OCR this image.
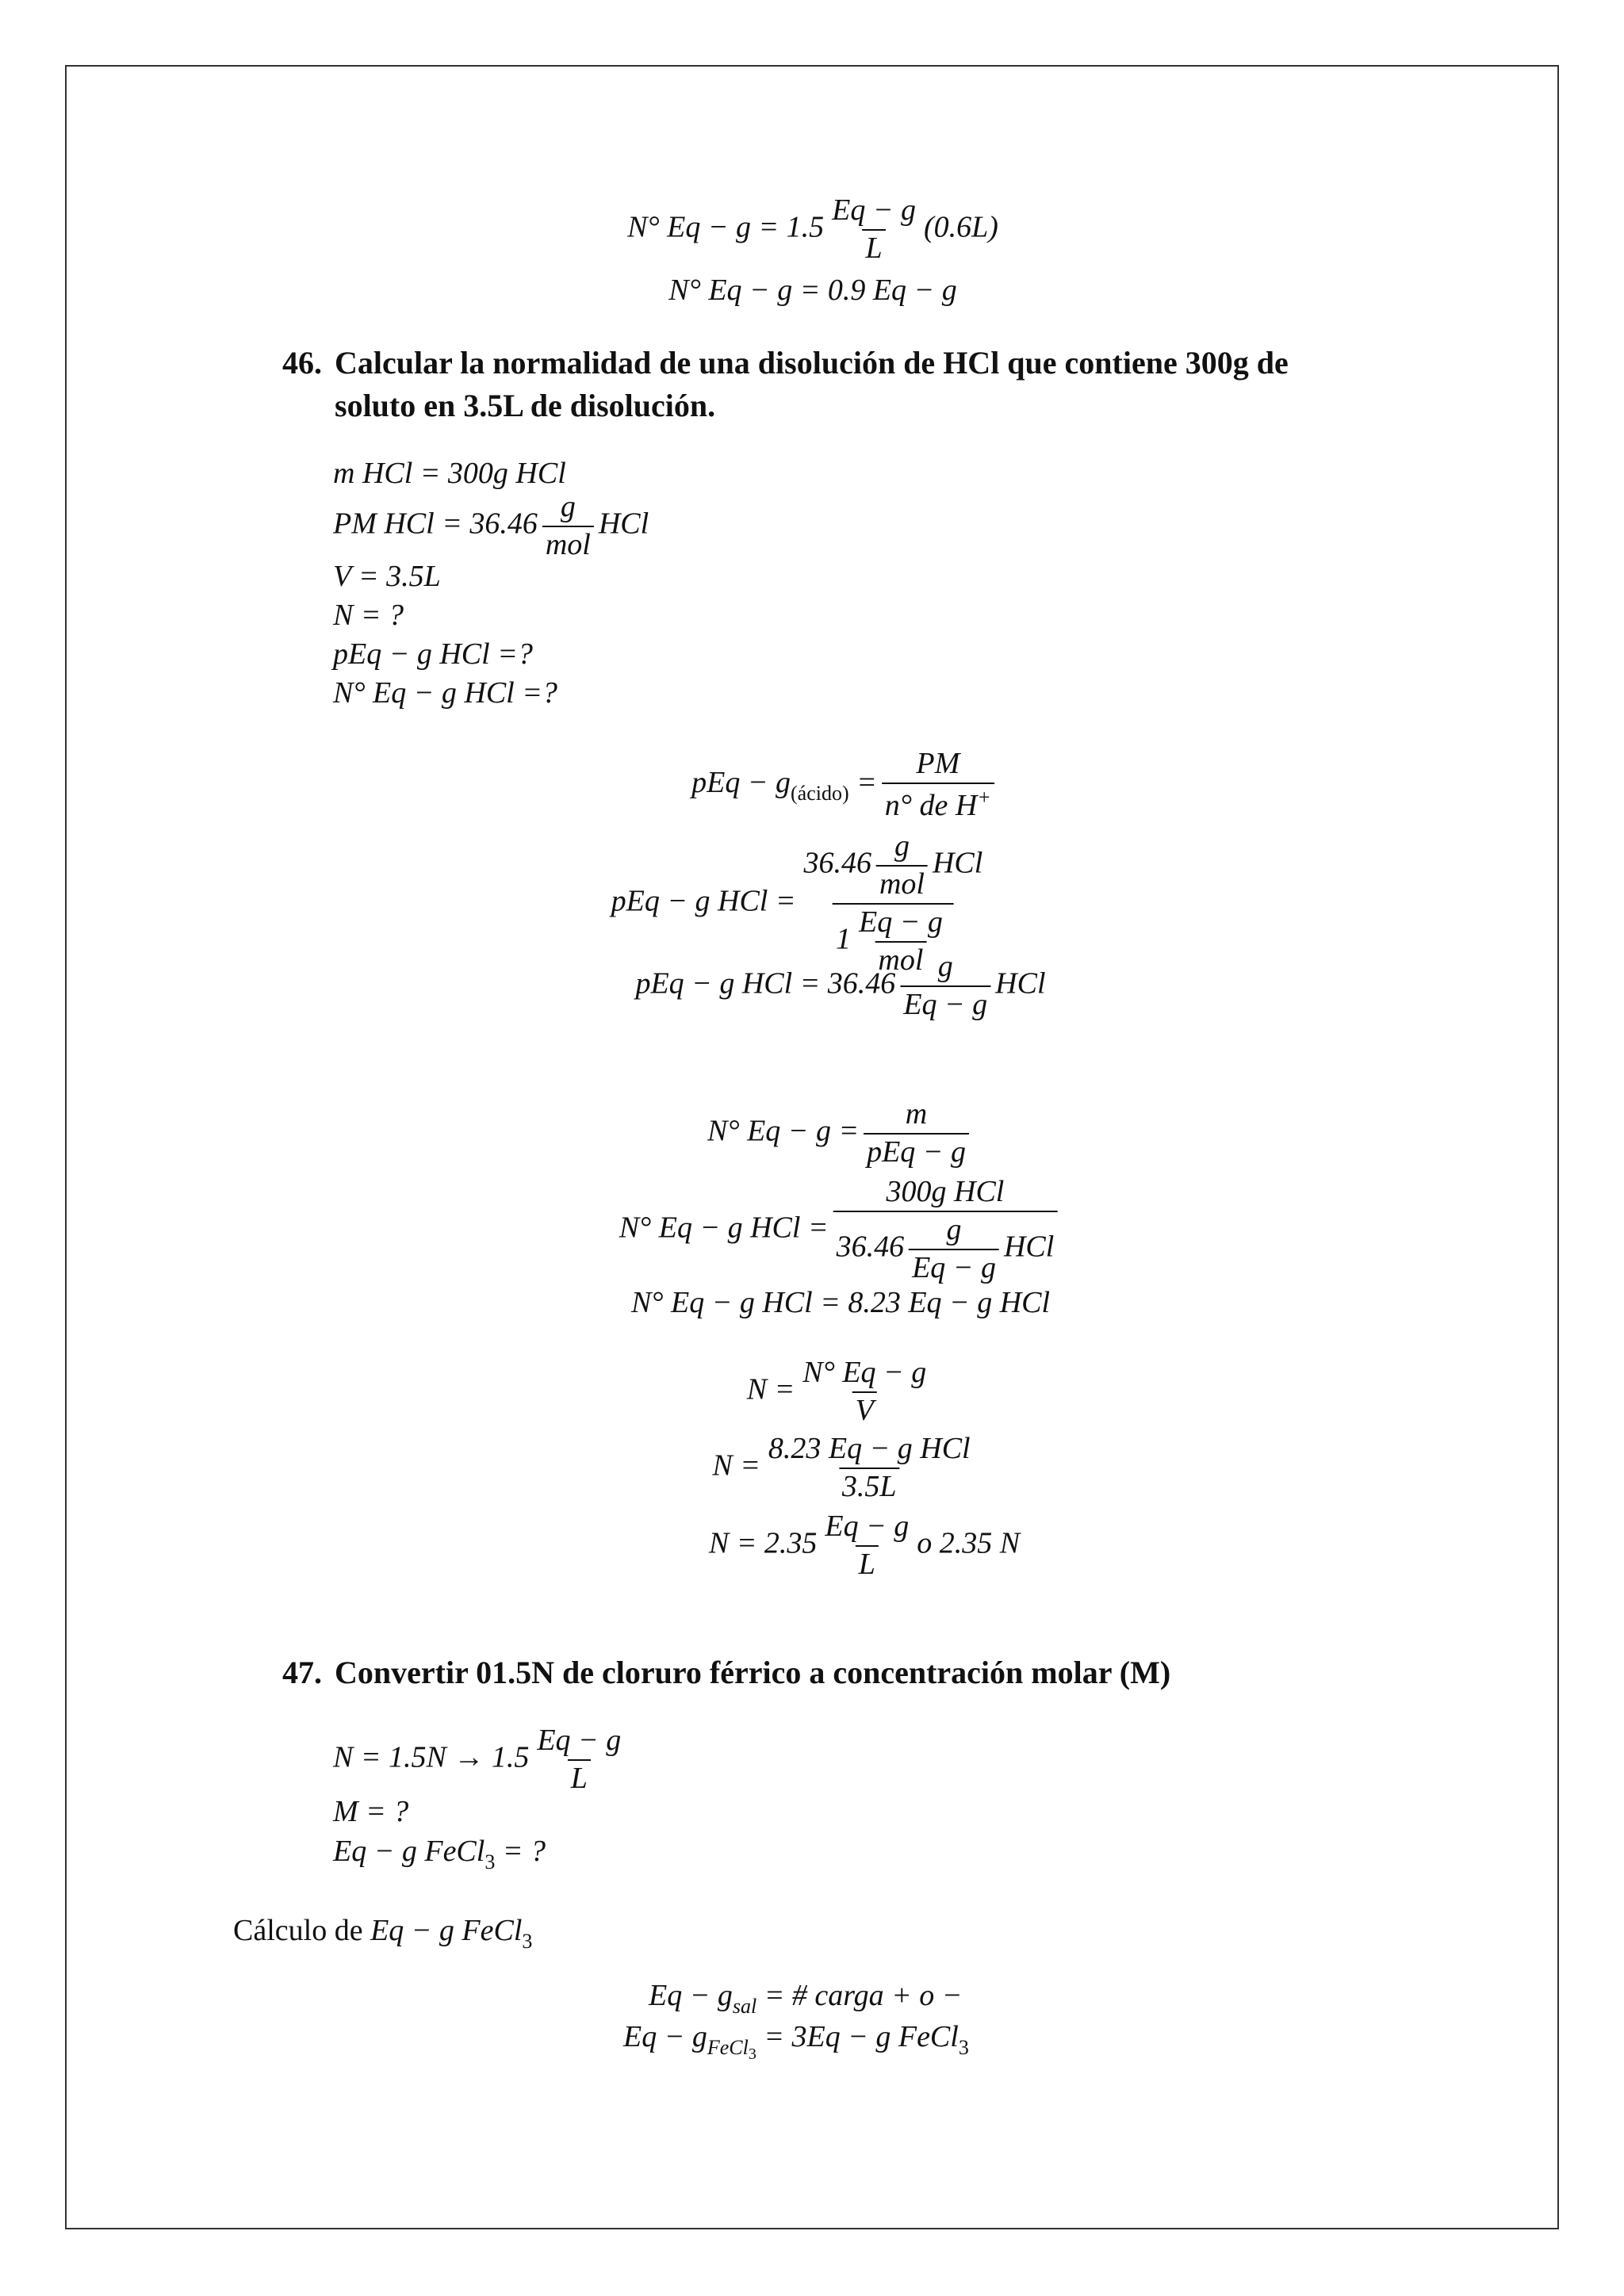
N° $Eq - g = 1.5 \frac{Eq - g}{L} (0.6L)$
N° Eq − g = 0.9 Eq − g
46. Calcular la normalidad de una disolución de HCl que contiene 300g de
soluto en 3.5L de disolución.
m HCl = 300g HCl
PM HCl = $36.46 \frac{g}{\text{mol}}$ HCl
V = 3.5L
N = ?
pEq − g HCl =?
N° Eq − g HCl =?
pEq − $g_{(ácido)} = \frac{PM}{n^\circ de H^+}$
pEq − g HCl = $\frac{36.46 \frac{g}{\text{mol}} HCl}{1 \frac{Eq - g}{\text{mol}}}$
pEq − g HCl = $36.46 \frac{g}{Eq - g}$ HCl
N° $Eq - g = \frac{m}{\text{pEq − g}}$
N° Eq − g HCl = $\frac{\text{300g HCl}}{36.46 \frac{g}{Eq - g} HCl}$
N° Eq − g HCl = 8.23 Eq − g HCl
$N = \frac{N^\circ Eq - g}{V}$
$N = \frac{\text{8.23 Eq − g HCl}}{3.5L}$
$N = 2.35 \frac{Eq - g}{L}$ o 2.35 N
47. Convertir 01.5N de cloruro férrico a concentración molar (M)
$N = 1.5N \to 1.5 \frac{Eq - g}{L}$
M = ?
Eq − g FeCl$_3$ = ?
Cálculo de Eq − g FeCl$_3$
$Eq - g_{sal}$ = # carga + o −
$Eq - g_{FeCl_3} = 3Eq - g$ FeCl$_3$
